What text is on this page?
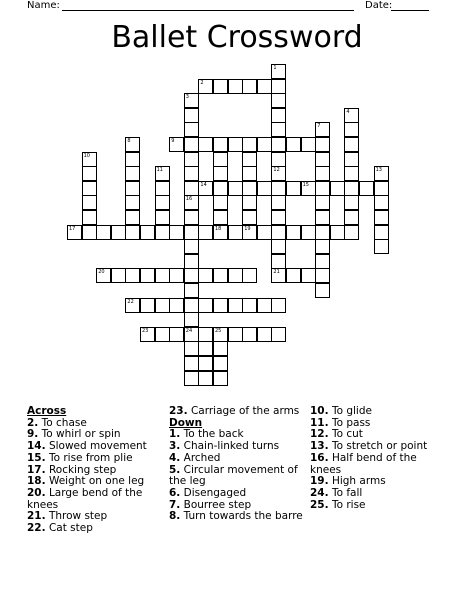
Name:	Date:
Ballet Crossword
1
12
2
3
4
7
18
9
8
10
11
21
13
14	15
16
24
17	19
20
22
23	25
Across
2. To chase
9. To whirl or spin
14. Slowed movement
15. To rise from plie
17. Rocking step
18. Weight on one leg
20. Large bend of the knees
21. Throw step
22. Cat step
23. Carriage of the arms
Down
1. To the back
3. Chain-linked turns
4. Arched
5. Circular movement of the leg
6. Disengaged
7. Bourree step
8. Turn towards the barre
10. To glide
11. To pass
12. To cut
13. To stretch or point
16. Half bend of the knees
19. High arms
24. To fall
25. To rise
